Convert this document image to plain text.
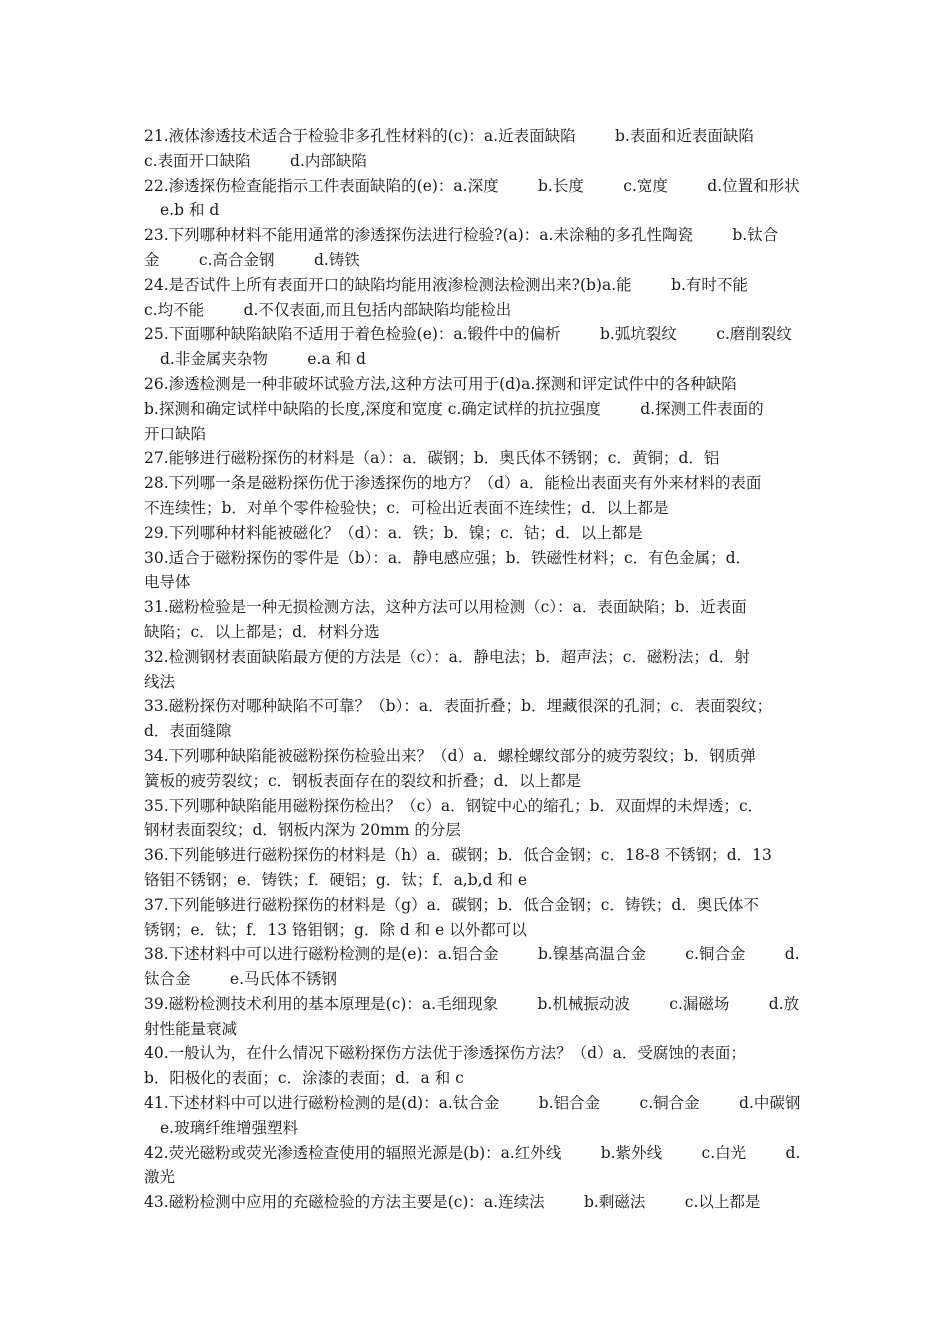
21.液体渗透技术适合于检验非多孔性材料的(c)：a.近表面缺陷        b.表面和近表面缺陷
c.表面开口缺陷        d.内部缺陷
22.渗透探伤检查能指示工件表面缺陷的(e)：a.深度        b.长度        c.宽度        d.位置和形状
e.b 和 d
23.下列哪种材料不能用通常的渗透探伤法进行检验?(a)：a.未涂釉的多孔性陶瓷        b.钛合
金        c.高合金钢        d.铸铁
24.是否试件上所有表面开口的缺陷均能用液渗检测法检测出来?(b)a.能        b.有时不能
c.均不能        d.不仅表面,而且包括内部缺陷均能检出
25.下面哪种缺陷缺陷不适用于着色检验(e)：a.锻件中的偏析        b.弧坑裂纹        c.磨削裂纹
d.非金属夹杂物        e.a 和 d
26.渗透检测是一种非破坏试验方法,这种方法可用于(d)a.探测和评定试件中的各种缺陷
b.探测和确定试样中缺陷的长度,深度和宽度 c.确定试样的抗拉强度        d.探测工件表面的
开口缺陷
27.能够进行磁粉探伤的材料是（a）：a．碳钢；b．奥氏体不锈钢；c．黄铜；d．铝
28.下列哪一条是磁粉探伤优于渗透探伤的地方？（d）a．能检出表面夹有外来材料的表面
不连续性；b．对单个零件检验快；c．可检出近表面不连续性；d．以上都是
29.下列哪种材料能被磁化？（d）：a．铁；b．镍；c．钴；d．以上都是
30.适合于磁粉探伤的零件是（b）：a．静电感应强；b．铁磁性材料；c．有色金属；d．
电导体
31.磁粉检验是一种无损检测方法，这种方法可以用检测（c）：a．表面缺陷；b．近表面
缺陷；c．以上都是；d．材料分选
32.检测钢材表面缺陷最方便的方法是（c）：a．静电法；b．超声法；c．磁粉法；d．射
线法
33.磁粉探伤对哪种缺陷不可靠？（b）：a．表面折叠；b．埋藏很深的孔洞；c．表面裂纹；
d．表面缝隙
34.下列哪种缺陷能被磁粉探伤检验出来？（d）a．螺栓螺纹部分的疲劳裂纹；b．钢质弹
簧板的疲劳裂纹；c．钢板表面存在的裂纹和折叠；d．以上都是
35.下列哪种缺陷能用磁粉探伤检出？（c）a．钢锭中心的缩孔；b．双面焊的未焊透；c．
钢材表面裂纹；d．钢板内深为 20mm 的分层
36.下列能够进行磁粉探伤的材料是（h）a．碳钢；b．低合金钢；c．18-8 不锈钢；d．13
铬钼不锈钢；e．铸铁；f．硬铝；g．钛；f．a,b,d 和 e
37.下列能够进行磁粉探伤的材料是（g）a．碳钢；b．低合金钢；c．铸铁；d．奥氏体不
锈钢；e．钛；f．13 铬钼钢；g．除 d 和 e 以外都可以
38.下述材料中可以进行磁粉检测的是(e)：a.铝合金        b.镍基高温合金        c.铜合金        d.
钛合金        e.马氏体不锈钢
39.磁粉检测技术利用的基本原理是(c)：a.毛细现象        b.机械振动波        c.漏磁场        d.放
射性能量衰减
40.一般认为，在什么情况下磁粉探伤方法优于渗透探伤方法？（d）a．受腐蚀的表面；
b．阳极化的表面；c．涂漆的表面；d．a 和 c
41.下述材料中可以进行磁粉检测的是(d)：a.钛合金        b.铝合金        c.铜合金        d.中碳钢
e.玻璃纤维增强塑料
42.荧光磁粉或荧光渗透检查使用的辐照光源是(b)：a.红外线        b.紫外线        c.白光        d.
激光
43.磁粉检测中应用的充磁检验的方法主要是(c)：a.连续法        b.剩磁法        c.以上都是
